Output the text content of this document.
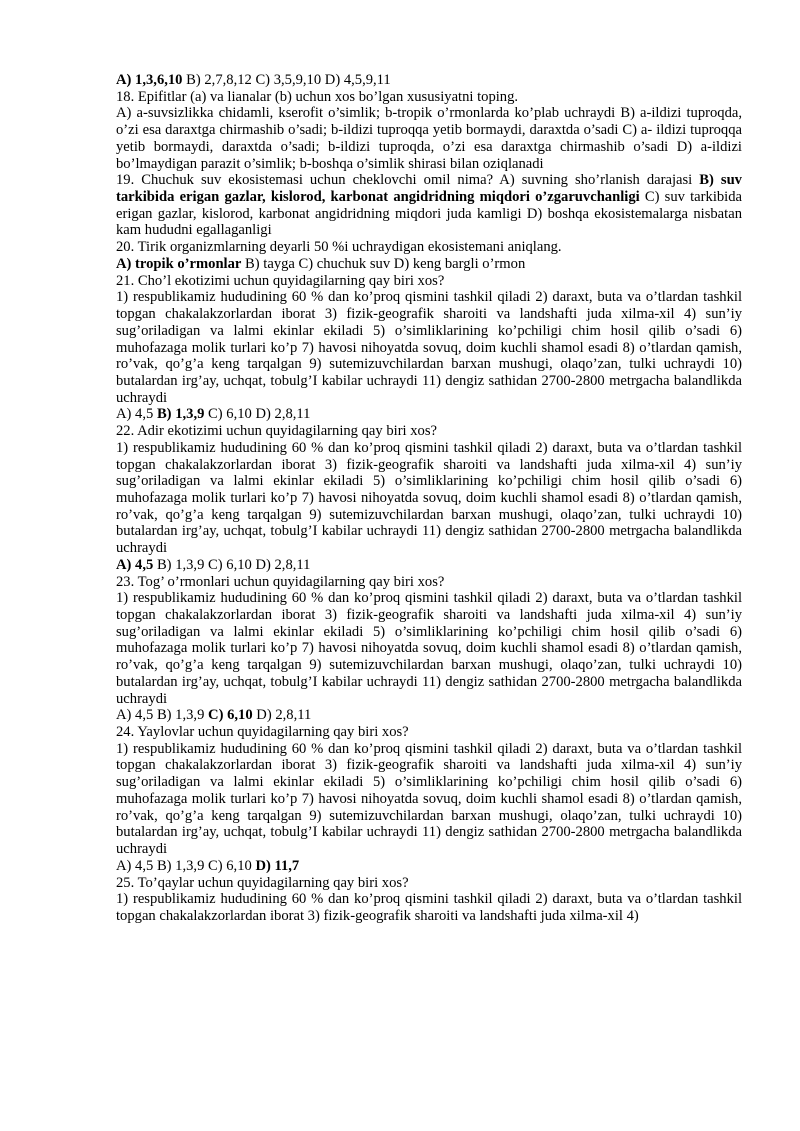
A) 1,3,6,10 B) 2,7,8,12 C) 3,5,9,10 D) 4,5,9,11

18. Epifitlar (a) va lianalar (b) uchun xos bo’lgan xususiyatni toping.

A) a-suvsizlikka chidamli, kserofit o’simlik; b-tropik o’rmonlarda ko’plab uchraydi B) a-ildizi tuproqda, o’zi esa daraxtga chirmashib o’sadi; b-ildizi tuproqqa yetib bormaydi, daraxtda o’sadi C) a- ildizi tuproqqa yetib bormaydi, daraxtda o’sadi; b-ildizi tuproqda, o’zi esa daraxtga chirmashib o’sadi D) a-ildizi bo’lmaydigan parazit o’simlik; b-boshqa o’simlik shirasi bilan oziqlanadi

19. Chuchuk suv ekosistemasi uchun cheklovchi omil nima? A) suvning sho’rlanish darajasi B) suv tarkibida erigan gazlar, kislorod, karbonat angidridning miqdori o’zgaruvchanligi C) suv tarkibida erigan gazlar, kislorod, karbonat angidridning miqdori juda kamligi D) boshqa ekosistemalarga nisbatan kam hududni egallaganligi

20. Tirik organizmlarning deyarli 50 %i uchraydigan ekosistemani aniqlang.

A) tropik o’rmonlar B) tayga C) chuchuk suv D) keng bargli o’rmon

21. Cho’l ekotizimi uchun quyidagilarning qay biri xos?

1) respublikamiz hududining 60 % dan ko’proq qismini tashkil qiladi 2) daraxt, buta va o’tlardan tashkil topgan chakalakzorlardan iborat 3) fizik-geografik sharoiti va landshafti juda xilma-xil 4) sun’iy sug’oriladigan va lalmi ekinlar ekiladi 5) o’simliklarining ko’pchiligi chim hosil qilib o’sadi 6) muhofazaga molik turlari ko’p 7) havosi nihoyatda sovuq, doim kuchli shamol esadi 8) o’tlardan qamish, ro’vak, qo’g’a keng tarqalgan 9) sutemizuvchilardan barxan mushugi, olaqo’zan, tulki uchraydi 10) butalardan irg’ay, uchqat, tobulg’I kabilar uchraydi 11) dengiz sathidan 2700-2800 metrgacha balandlikda uchraydi

A) 4,5 B) 1,3,9 C) 6,10 D) 2,8,11

22. Adir ekotizimi uchun quyidagilarning qay biri xos?

1) respublikamiz hududining 60 % dan ko’proq qismini tashkil qiladi 2) daraxt, buta va o’tlardan tashkil topgan chakalakzorlardan iborat 3) fizik-geografik sharoiti va landshafti juda xilma-xil 4) sun’iy sug’oriladigan va lalmi ekinlar ekiladi 5) o’simliklarining ko’pchiligi chim hosil qilib o’sadi 6) muhofazaga molik turlari ko’p 7) havosi nihoyatda sovuq, doim kuchli shamol esadi 8) o’tlardan qamish, ro’vak, qo’g’a keng tarqalgan 9) sutemizuvchilardan barxan mushugi, olaqo’zan, tulki uchraydi 10) butalardan irg’ay, uchqat, tobulg’I kabilar uchraydi 11) dengiz sathidan 2700-2800 metrgacha balandlikda uchraydi

A) 4,5 B) 1,3,9 C) 6,10 D) 2,8,11

23. Tog’ o’rmonlari uchun quyidagilarning qay biri xos?

1) respublikamiz hududining 60 % dan ko’proq qismini tashkil qiladi 2) daraxt, buta va o’tlardan tashkil topgan chakalakzorlardan iborat 3) fizik-geografik sharoiti va landshafti juda xilma-xil 4) sun’iy sug’oriladigan va lalmi ekinlar ekiladi 5) o’simliklarining ko’pchiligi chim hosil qilib o’sadi 6) muhofazaga molik turlari ko’p 7) havosi nihoyatda sovuq, doim kuchli shamol esadi 8) o’tlardan qamish, ro’vak, qo’g’a keng tarqalgan 9) sutemizuvchilardan barxan mushugi, olaqo’zan, tulki uchraydi 10) butalardan irg’ay, uchqat, tobulg’I kabilar uchraydi 11) dengiz sathidan 2700-2800 metrgacha balandlikda uchraydi

A) 4,5 B) 1,3,9 C) 6,10 D) 2,8,11

24. Yaylovlar uchun quyidagilarning qay biri xos?

1) respublikamiz hududining 60 % dan ko’proq qismini tashkil qiladi 2) daraxt, buta va o’tlardan tashkil topgan chakalakzorlardan iborat 3) fizik-geografik sharoiti va landshafti juda xilma-xil 4) sun’iy sug’oriladigan va lalmi ekinlar ekiladi 5) o’simliklarining ko’pchiligi chim hosil qilib o’sadi 6) muhofazaga molik turlari ko’p 7) havosi nihoyatda sovuq, doim kuchli shamol esadi 8) o’tlardan qamish, ro’vak, qo’g’a keng tarqalgan 9) sutemizuvchilardan barxan mushugi, olaqo’zan, tulki uchraydi 10) butalardan irg’ay, uchqat, tobulg’I kabilar uchraydi 11) dengiz sathidan 2700-2800 metrgacha balandlikda uchraydi

A) 4,5 B) 1,3,9 C) 6,10 D) 11,7

25. To’qaylar uchun quyidagilarning qay biri xos?

1) respublikamiz hududining 60 % dan ko’proq qismini tashkil qiladi 2) daraxt, buta va o’tlardan tashkil topgan chakalakzorlardan iborat 3) fizik-geografik sharoiti va landshafti juda xilma-xil 4)
